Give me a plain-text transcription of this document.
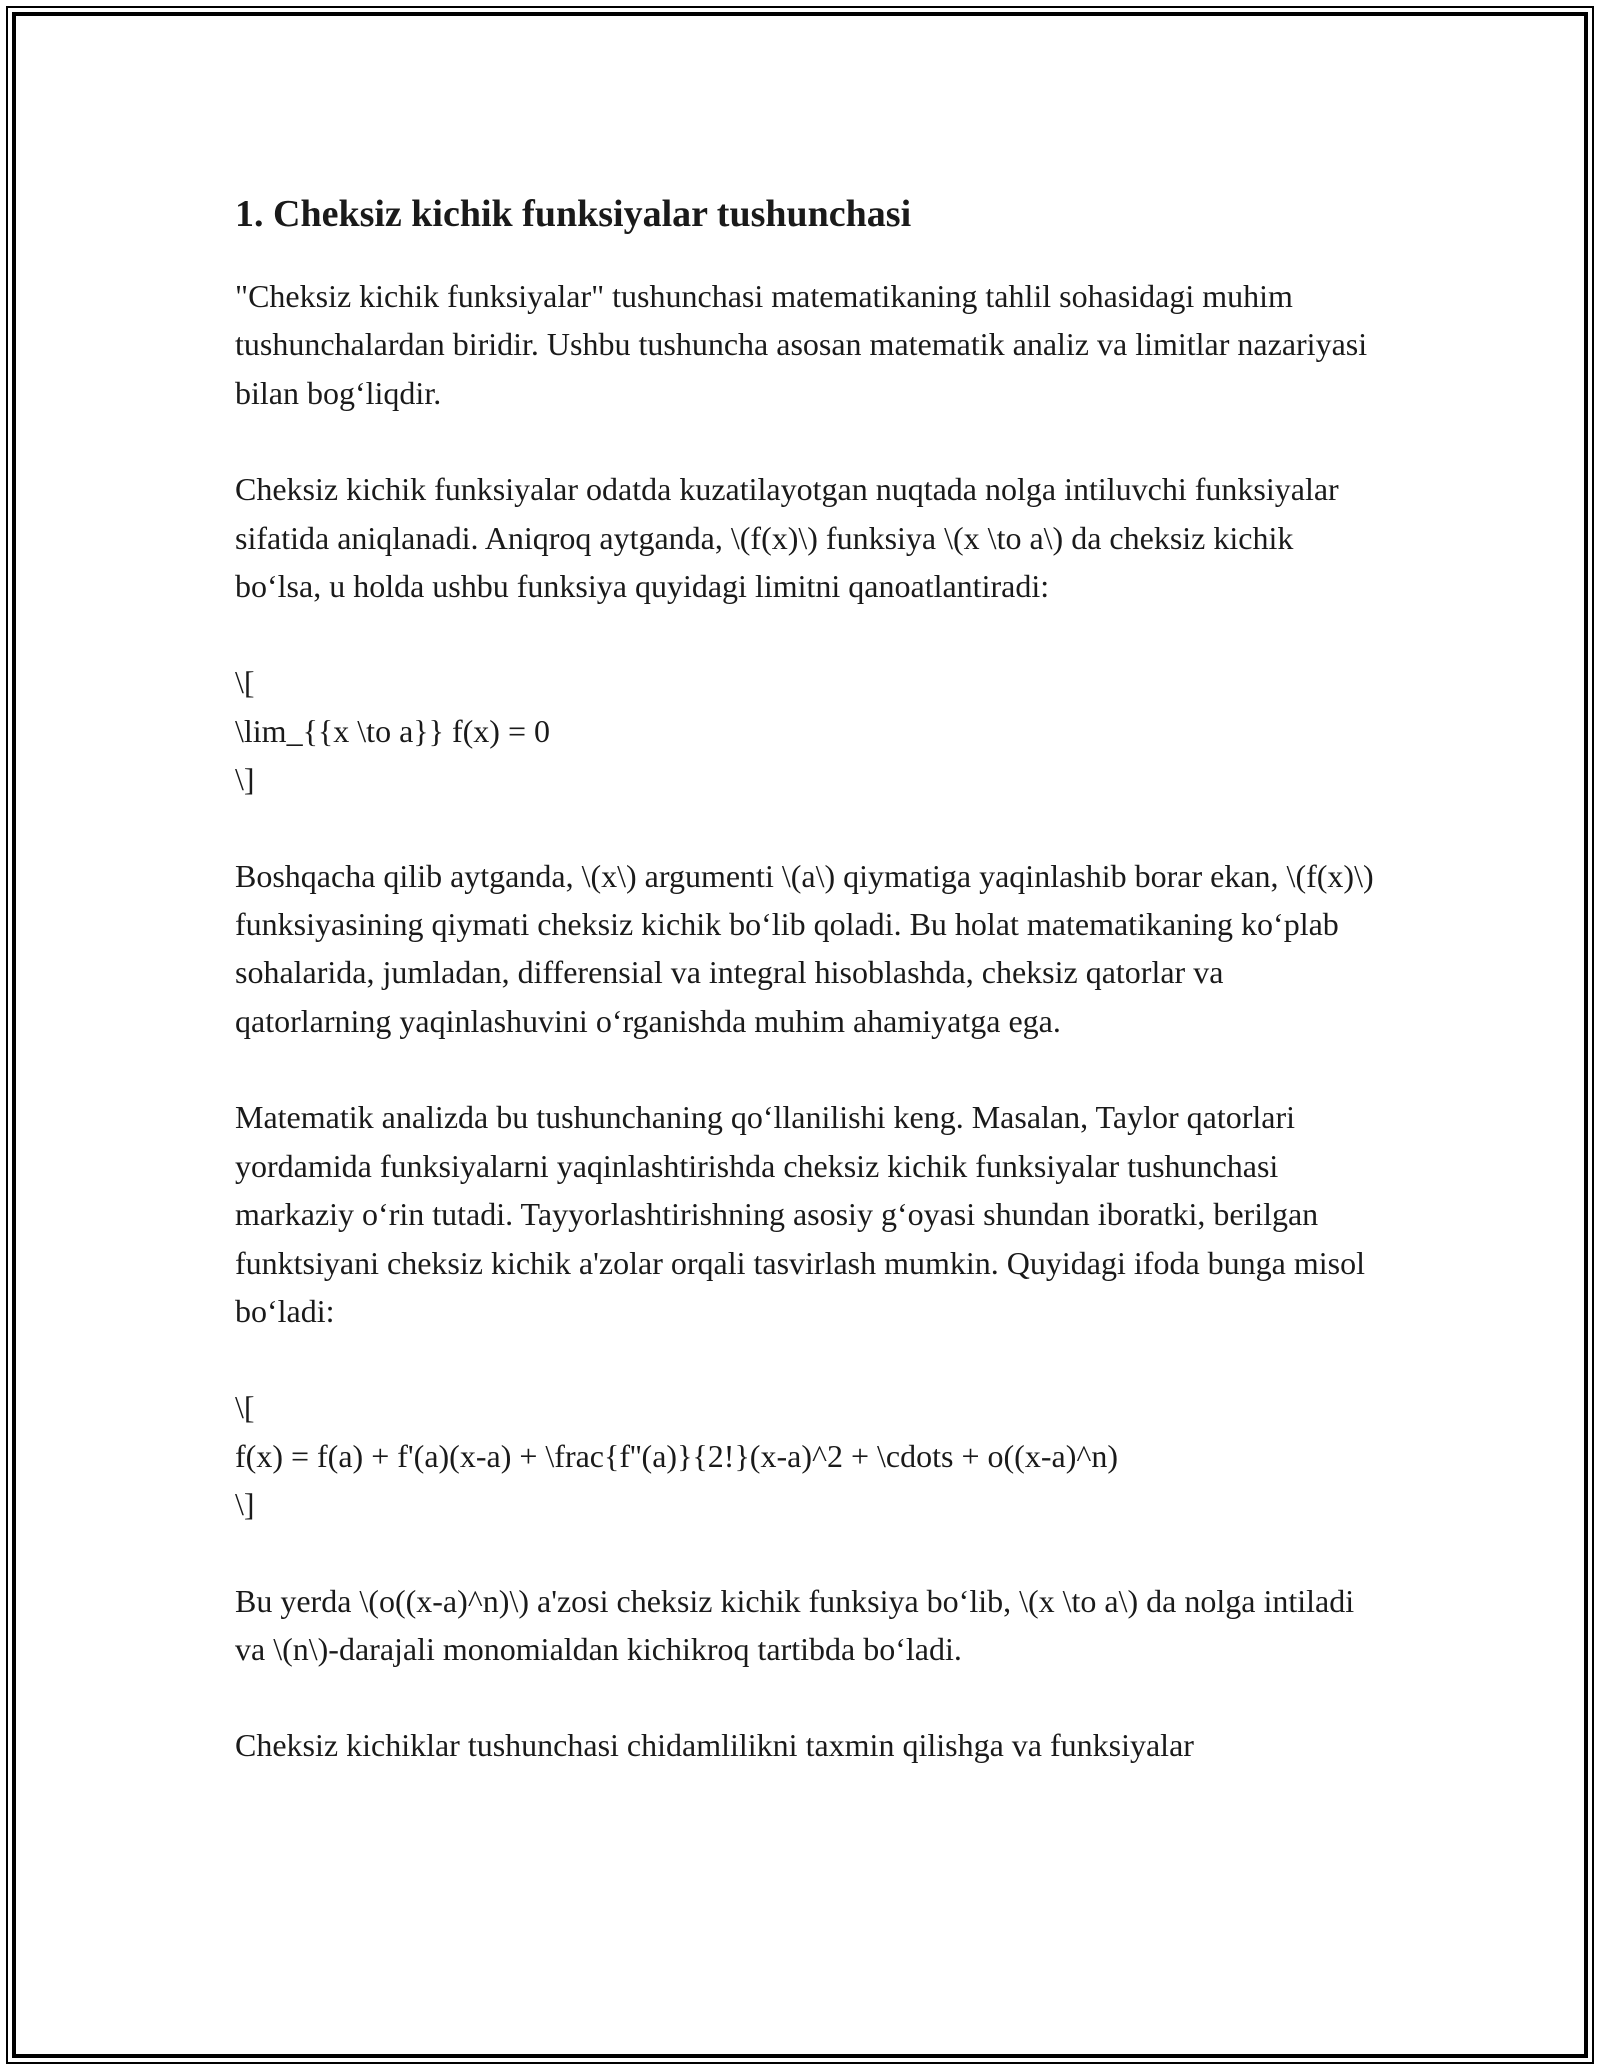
1. Cheksiz kichik funksiyalar tushunchasi

"Cheksiz kichik funksiyalar" tushunchasi matematikaning tahlil sohasidagi muhim tushunchalardan biridir. Ushbu tushuncha asosan matematik analiz va limitlar nazariyasi bilan bog‘liqdir.

Cheksiz kichik funksiyalar odatda kuzatilayotgan nuqtada nolga intiluvchi funksiyalar sifatida aniqlanadi. Aniqroq aytganda, \(f(x)\) funksiya \(x \to a\) da cheksiz kichik bo‘lsa, u holda ushbu funksiya quyidagi limitni qanoatlantiradi:

\[
\lim_{{x \to a}} f(x) = 0
\]

Boshqacha qilib aytganda, \(x\) argumenti \(a\) qiymatiga yaqinlashib borar ekan, \(f(x)\) funksiyasining qiymati cheksiz kichik bo‘lib qoladi. Bu holat matematikaning ko‘plab sohalarida, jumladan, differensial va integral hisoblashda, cheksiz qatorlar va qatorlarning yaqinlashuvini o‘rganishda muhim ahamiyatga ega.

Matematik analizda bu tushunchaning qo‘llanilishi keng. Masalan, Taylor qatorlari yordamida funksiyalarni yaqinlashtirishda cheksiz kichik funksiyalar tushunchasi markaziy o‘rin tutadi. Tayyorlashtirishning asosiy g‘oyasi shundan iboratki, berilgan funktsiyani cheksiz kichik a'zolar orqali tasvirlash mumkin. Quyidagi ifoda bunga misol bo‘ladi:

\[
f(x) = f(a) + f'(a)(x-a) + \frac{f''(a)}{2!}(x-a)^2 + \cdots + o((x-a)^n)
\]

Bu yerda \(o((x-a)^n)\) a'zosi cheksiz kichik funksiya bo‘lib, \(x \to a\) da nolga intiladi va \(n\)-darajali monomialdan kichikroq tartibda bo‘ladi.

Cheksiz kichiklar tushunchasi chidamlilikni taxmin qilishga va funksiyalar
